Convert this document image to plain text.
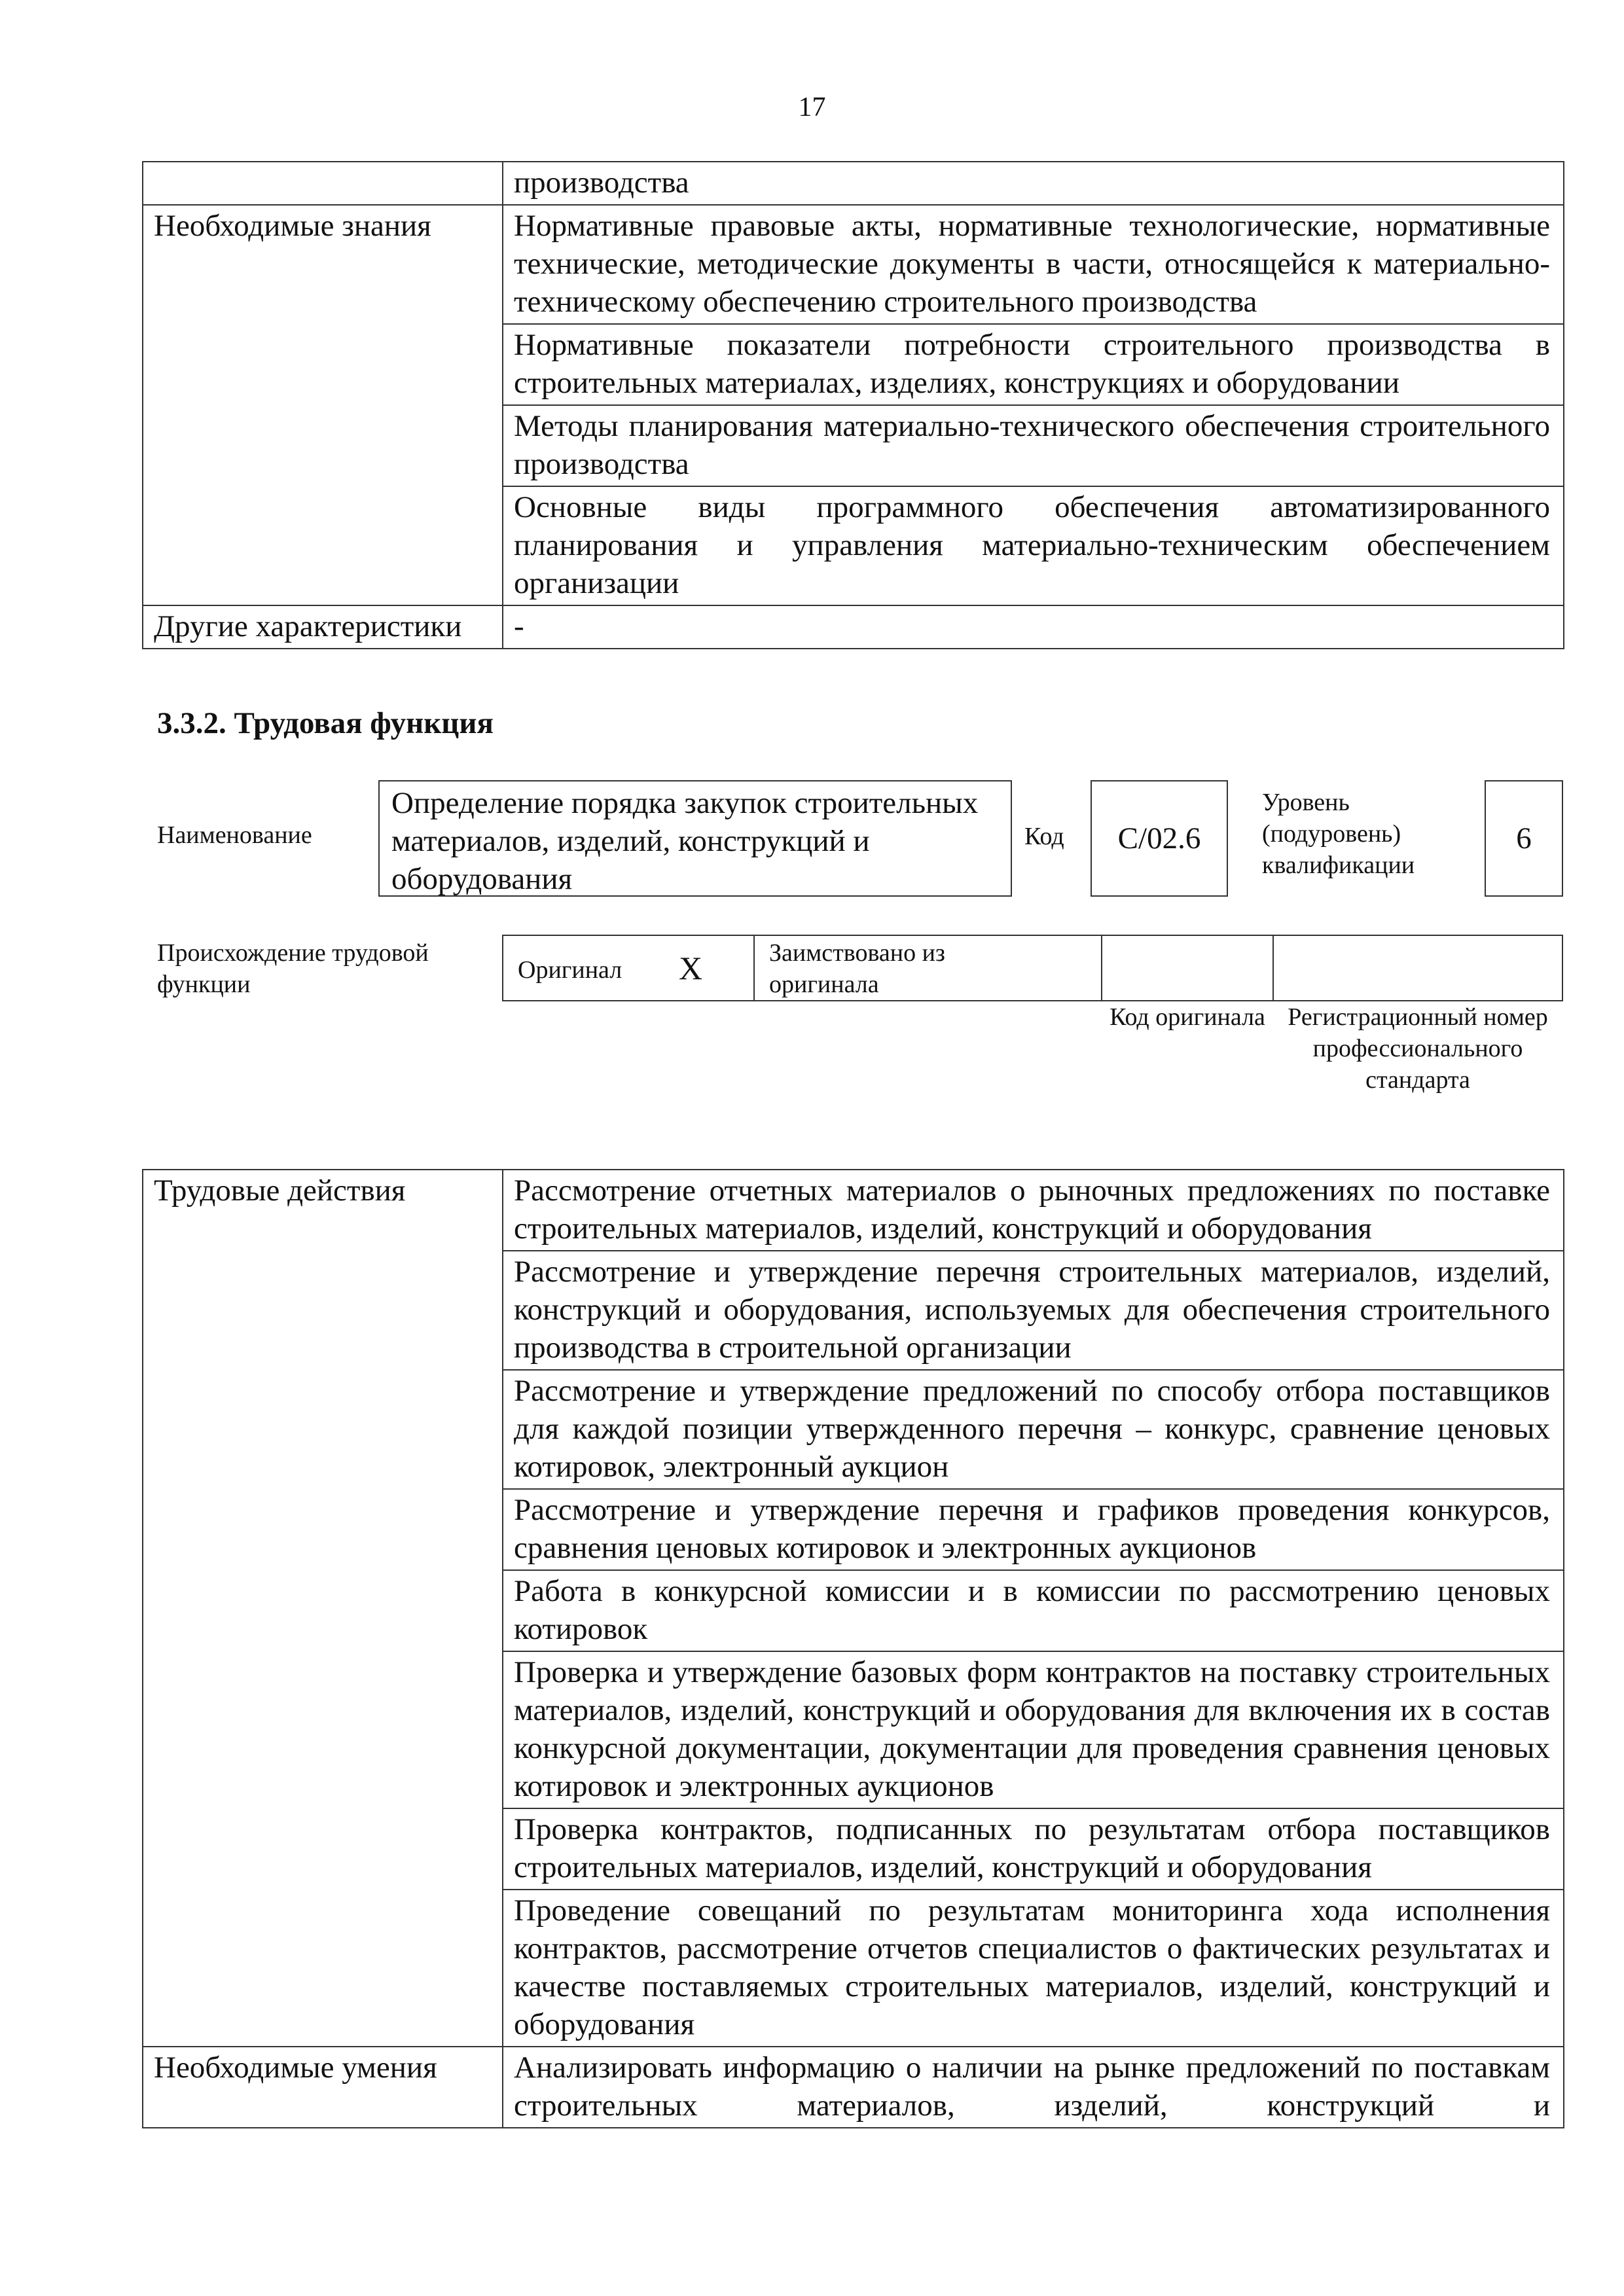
17
	производства
Необходимые знания	Нормативные правовые акты, нормативные технологические, нормативные технические, методические документы в части, относящейся к материально-техническому обеспечению строительного производства
	Нормативные показатели потребности строительного производства в строительных материалах, изделиях, конструкциях и оборудовании
	Методы планирования материально-технического обеспечения строительного производства
	Основные виды программного обеспечения автоматизированного планирования и управления материально-техническим обеспечением организации
Другие характеристики	-
3.3.2. Трудовая функция
Наименование
Определение порядка закупок строительных материалов, изделий, конструкций и оборудования
Код	C/02.6
Уровень (подуровень) квалификации
6
Происхождение трудовой функции
Оригинал X	Заимствовано из оригинала
Код оригинала Регистрационный номер профессионального стандарта
Трудовые действия	Рассмотрение отчетных материалов о рыночных предложениях по поставке строительных материалов, изделий, конструкций и оборудования
	Рассмотрение и утверждение перечня строительных материалов, изделий, конструкций и оборудования, используемых для обеспечения строительного производства в строительной организации
	Рассмотрение и утверждение предложений по способу отбора поставщиков для каждой позиции утвержденного перечня – конкурс, сравнение ценовых котировок, электронный аукцион
	Рассмотрение и утверждение перечня и графиков проведения конкурсов, сравнения ценовых котировок и электронных аукционов
	Работа в конкурсной комиссии и в комиссии по рассмотрению ценовых котировок
	Проверка и утверждение базовых форм контрактов на поставку строительных материалов, изделий, конструкций и оборудования для включения их в состав конкурсной документации, документации для проведения сравнения ценовых котировок и электронных аукционов
	Проверка контрактов, подписанных по результатам отбора поставщиков строительных материалов, изделий, конструкций и оборудования
	Проведение совещаний по результатам мониторинга хода исполнения контрактов, рассмотрение отчетов специалистов о фактических результатах и качестве поставляемых строительных материалов, изделий, конструкций и оборудования
Необходимые умения	Анализировать информацию о наличии на рынке предложений по поставкам строительных материалов, изделий, конструкций и
